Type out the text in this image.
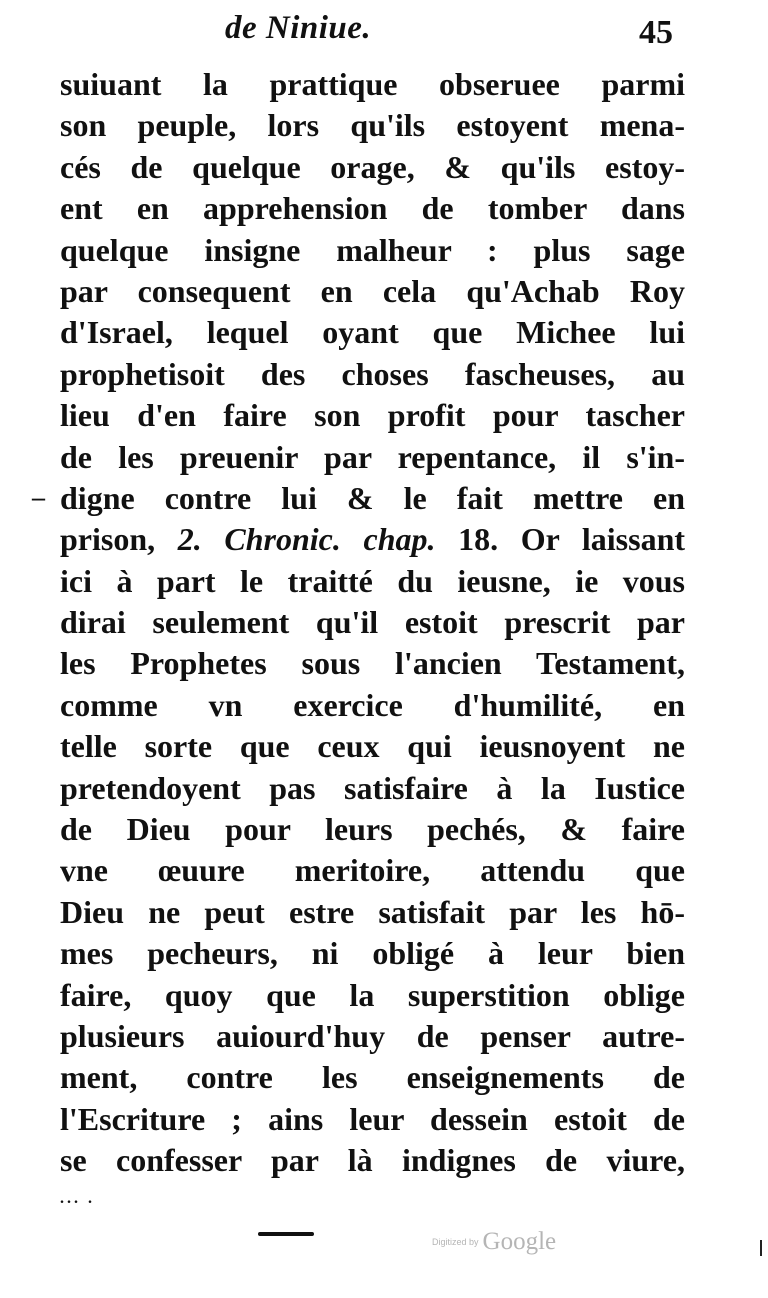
de Niniue.	45
–
suiuant la prattique obseruee parmi
son peuple, lors qu'ils estoyent mena-
cés de quelque orage, & qu'ils estoy-
ent en apprehension de tomber dans
quelque insigne malheur : plus sage
par consequent en cela qu'Achab Roy
d'Israel, lequel oyant que Michee lui
prophetisoit des choses fascheuses, au
lieu d'en faire son profit pour tascher
de les preuenir par repentance, il s'in-
digne contre lui & le fait mettre en
prison, 2. Chronic. chap. 18. Or laissant
ici à part le traitté du ieusne, ie vous
dirai seulement qu'il estoit prescrit par
les Prophetes sous l'ancien Testament,
comme vn exercice d'humilité, en
telle sorte que ceux qui ieusnoyent ne
pretendoyent pas satisfaire à la Iustice
de Dieu pour leurs pechés, & faire
vne œuure meritoire, attendu que
Dieu ne peut estre satisfait par les hō-
mes pecheurs, ni obligé à leur bien
faire, quoy que la superstition oblige
plusieurs auiourd'huy de penser autre-
ment, contre les enseignements de
l'Escriture ; ains leur dessein estoit de
se confesser par là indignes de viure,
... .
Digitized by Google
